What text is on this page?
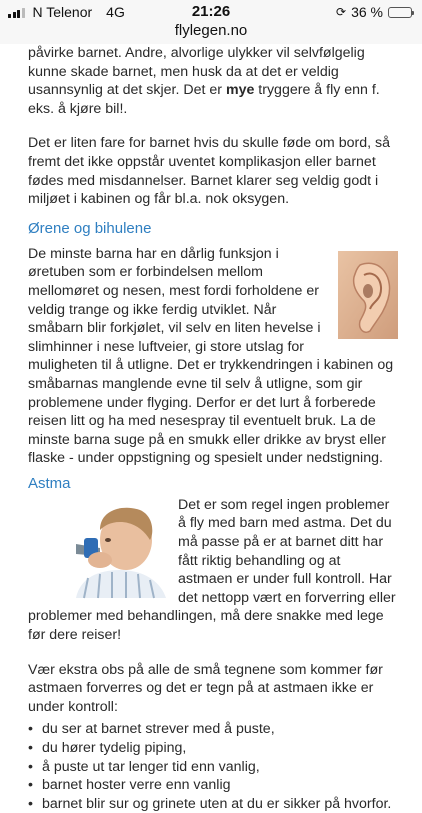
N Telenor 4G	21:26	⟳ 36 %
flylegen.no

påvirke barnet. Andre, alvorlige ulykker vil selvfølgelig kunne skade barnet, men husk da at det er veldig usannsynlig at det skjer. Det er mye tryggere å fly enn f. eks. å kjøre bil!.

Det er liten fare for barnet hvis du skulle føde om bord, så fremt det ikke oppstår uventet komplikasjon eller barnet fødes med misdannelser. Barnet klarer seg veldig godt i miljøet i kabinen og får bl.a. nok oksygen.

Ørene og bihulene

De minste barna har en dårlig funksjon i øretuben som er forbindelsen mellom mellomøret og nesen, mest fordi forholdene er veldig trange og ikke ferdig utviklet. Når småbarn blir forkjølet, vil selv en liten hevelse i slimhinner i nese luftveier, gi store utslag for muligheten til å utligne. Det er trykkendringen i kabinen og småbarnas manglende evne til selv å utligne, som gir problemene under flyging. Derfor er det lurt å forberede reisen litt og ha med nesespray til eventuelt bruk. La de minste barna suge på en smukk eller drikke av bryst eller flaske - under oppstigning og spesielt under nedstigning.

Astma

Det er som regel ingen problemer å fly med barn med astma. Det du må passe på er at barnet ditt har fått riktig behandling og at astmaen er under full kontroll. Har det nettopp vært en forverring eller problemer med behandlingen, må dere snakke med lege før dere reiser!

Vær ekstra obs på alle de små tegnene som kommer før astmaen forverres og det er tegn på at astmaen ikke er under kontroll:

• du ser at barnet strever med å puste,
• du hører tydelig piping,
• å puste ut tar lenger tid enn vanlig,
• barnet hoster verre enn vanlig
• barnet blir sur og grinete uten at du er sikker på hvorfor.
